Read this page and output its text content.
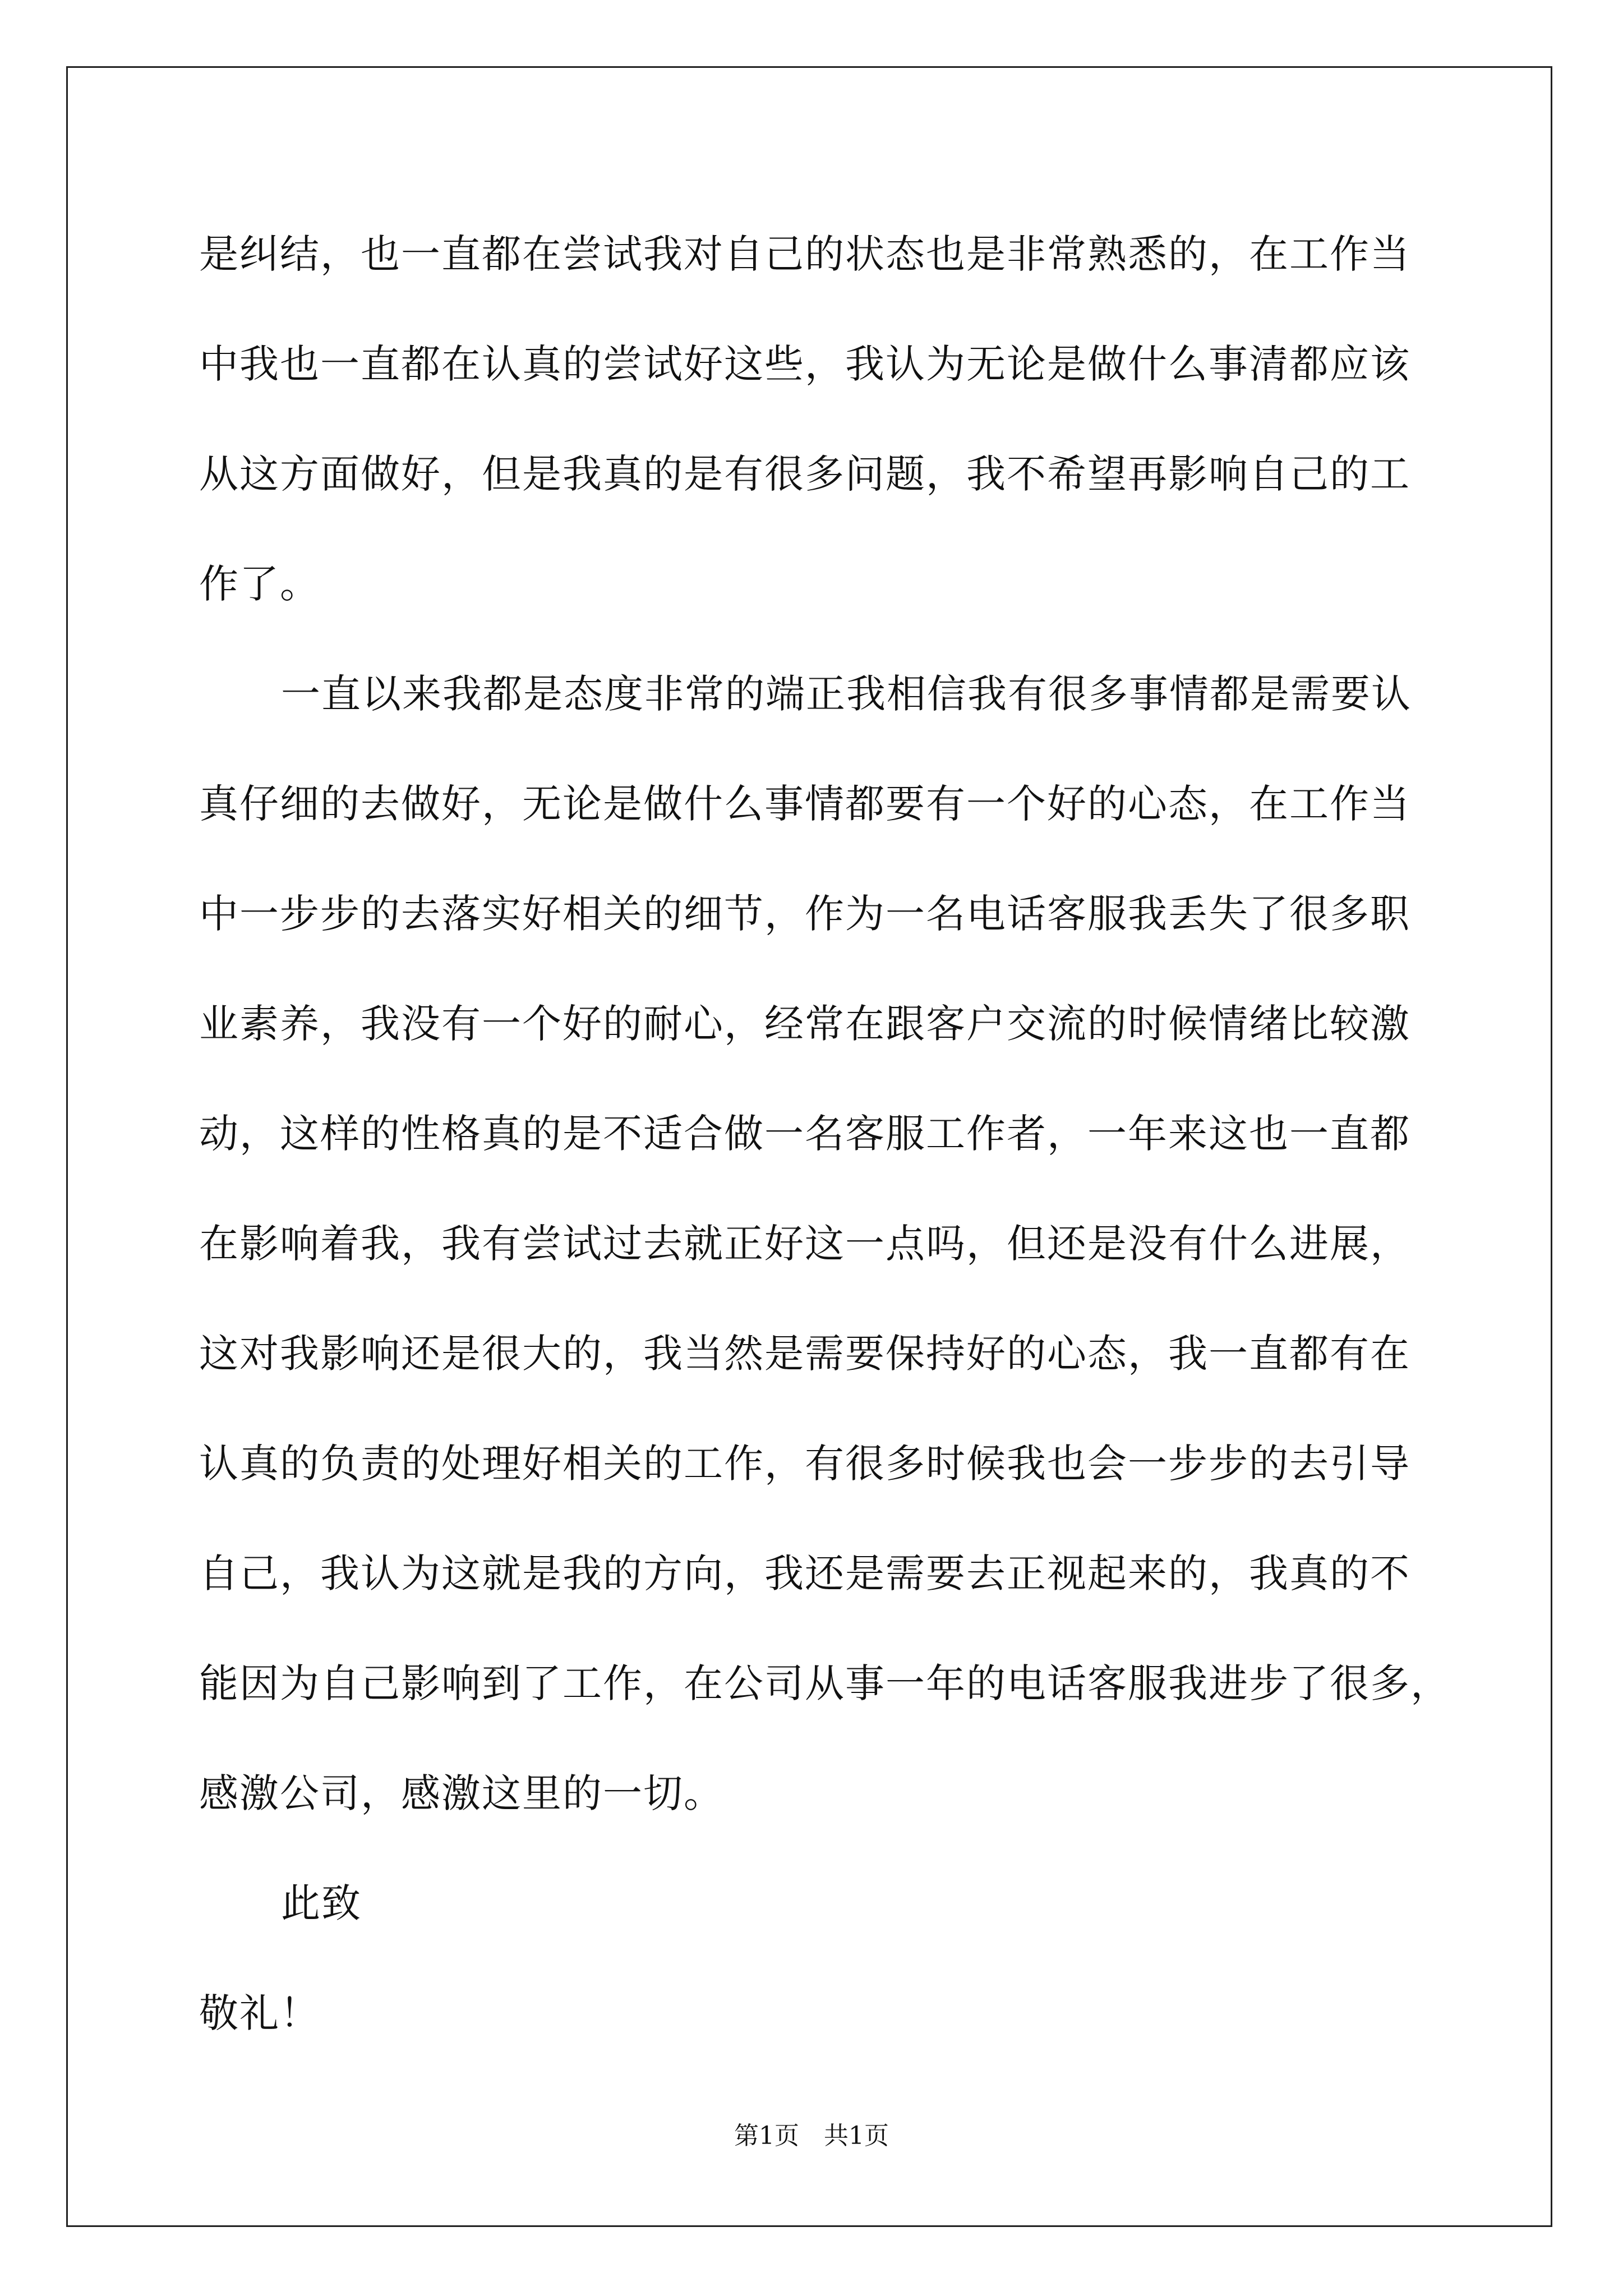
是纠结，也一直都在尝试我对自己的状态也是非常熟悉的，在工作当
中我也一直都在认真的尝试好这些，我认为无论是做什么事清都应该
从这方面做好，但是我真的是有很多问题，我不希望再影响自己的工
作了。
一直以来我都是态度非常的端正我相信我有很多事情都是需要认
真仔细的去做好，无论是做什么事情都要有一个好的心态，在工作当
中一步步的去落实好相关的细节，作为一名电话客服我丢失了很多职
业素养，我没有一个好的耐心，经常在跟客户交流的时候情绪比较激
动，这样的性格真的是不适合做一名客服工作者，一年来这也一直都
在影响着我，我有尝试过去就正好这一点吗，但还是没有什么进展，
这对我影响还是很大的，我当然是需要保持好的心态，我一直都有在
认真的负责的处理好相关的工作，有很多时候我也会一步步的去引导
自己，我认为这就是我的方向，我还是需要去正视起来的，我真的不
能因为自己影响到了工作，在公司从事一年的电话客服我进步了很多，
感激公司，感激这里的一切。
此致
敬礼！
第1页　共1页
